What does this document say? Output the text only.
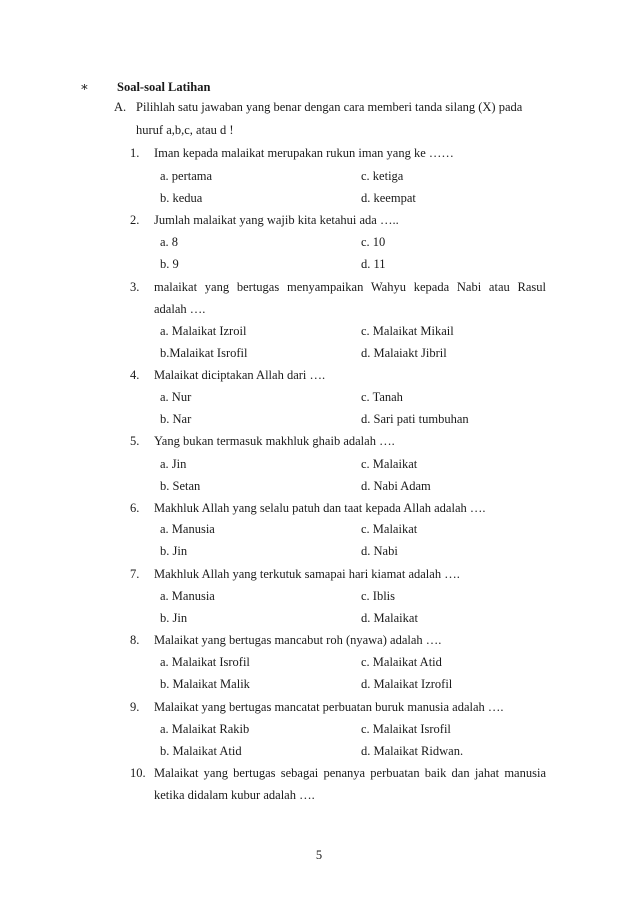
∗	Soal-soal Latihan
A. Pilihlah satu jawaban yang benar dengan cara memberi tanda silang (X) pada
huruf a,b,c, atau d !
1. Iman kepada malaikat merupakan rukun iman yang ke ……
a. pertama	c. ketiga
b. kedua	d. keempat
2. Jumlah malaikat yang wajib kita ketahui ada …..
a. 8	c. 10
b. 9	d. 11
3. malaikat yang bertugas menyampaikan Wahyu kepada Nabi atau Rasul
adalah ….
a. Malaikat Izroil	c. Malaikat Mikail
b.Malaikat Isrofil	d. Malaiakt Jibril
4. Malaikat diciptakan Allah dari ….
a. Nur	c. Tanah
b. Nar	d. Sari pati tumbuhan
5. Yang bukan termasuk makhluk ghaib adalah ….
a. Jin	c. Malaikat
b. Setan	d. Nabi Adam
6. Makhluk Allah yang selalu patuh dan taat kepada Allah adalah ….
a. Manusia	c. Malaikat
b. Jin	d. Nabi
7. Makhluk Allah yang terkutuk samapai hari kiamat adalah ….
a. Manusia	c. Iblis
b. Jin	d. Malaikat
8. Malaikat yang bertugas mancabut roh (nyawa) adalah ….
a. Malaikat Isrofil	c. Malaikat Atid
b. Malaikat Malik	d. Malaikat Izrofil
9. Malaikat yang bertugas mancatat perbuatan buruk manusia adalah ….
a. Malaikat Rakib	c. Malaikat Isrofil
b. Malaikat Atid	d. Malaikat Ridwan.
10. Malaikat yang bertugas sebagai penanya perbuatan baik dan jahat manusia
ketika didalam kubur adalah ….
5
